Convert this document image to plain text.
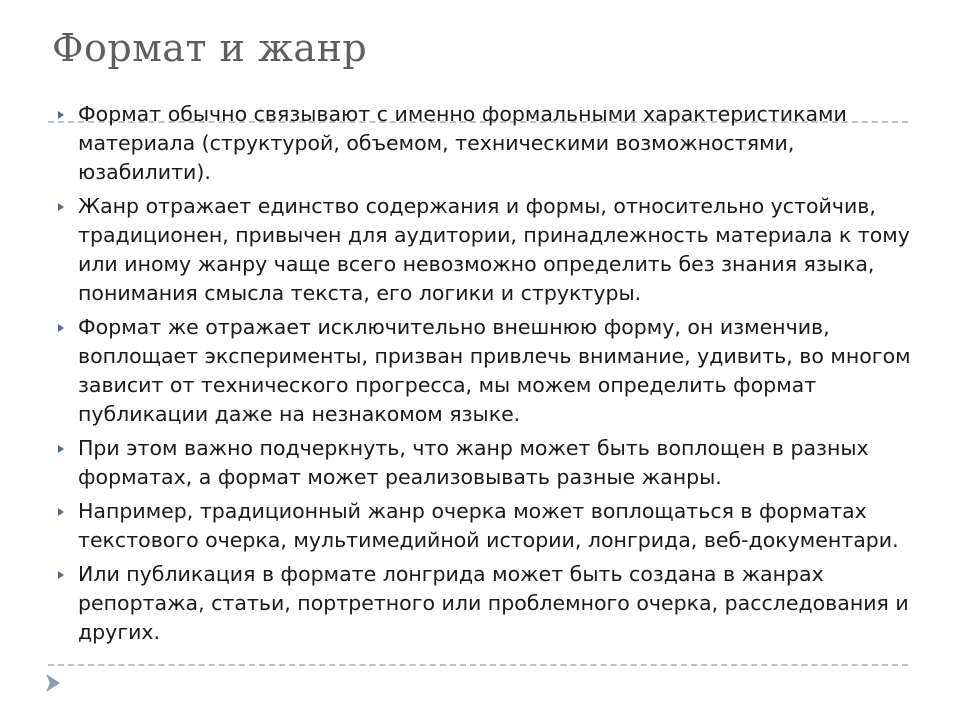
Формат и жанр
Формат обычно связывают с именно формальными характеристиками материала (структурой, объемом, техническими возможностями, юзабилити).
Жанр отражает единство содержания и формы, относительно устойчив, традиционен, привычен для аудитории, принадлежность материала к тому или иному жанру чаще всего невозможно определить без знания языка, понимания смысла текста, его логики и структуры.
Формат же отражает исключительно внешнюю форму, он изменчив, воплощает эксперименты, призван привлечь внимание, удивить, во многом зависит от технического прогресса, мы можем определить формат публикации даже на незнакомом языке.
При этом важно подчеркнуть, что жанр может быть воплощен в разных форматах, а формат может реализовывать разные жанры.
Например, традиционный жанр очерка может воплощаться в форматах текстового очерка, мультимедийной истории, лонгрида, веб-документари.
Или публикация в формате лонгрида может быть создана в жанрах репортажа, статьи, портретного или проблемного очерка, расследования и других.
